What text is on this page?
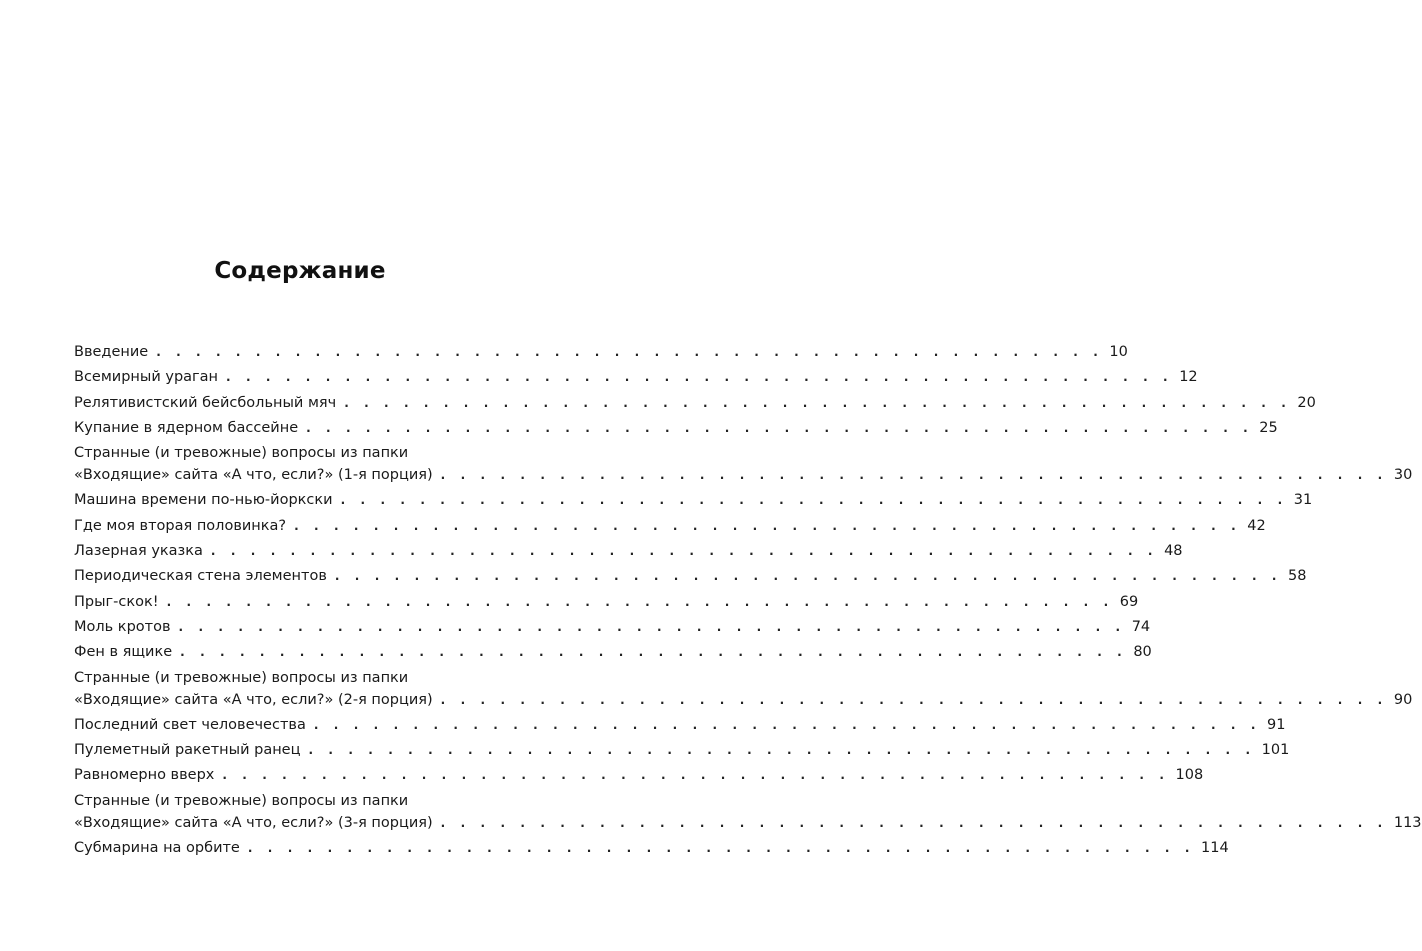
Содержание
Введение . . . . . . . . . . . . . . . . . . . . . . . . . . . . . . . . . . . . . . . . . . . . . . . . 10
Всемирный ураган . . . . . . . . . . . . . . . . . . . . . . . . . . . . . . . . . . . . . . . . . . . . . . . . 12
Релятивистский бейсбольный мяч . . . . . . . . . . . . . . . . . . . . . . . . . . . . . . . . . . . . . . . . . . . . . . . . 20
Купание в ядерном бассейне . . . . . . . . . . . . . . . . . . . . . . . . . . . . . . . . . . . . . . . . . . . . . . . . 25
Странные (и тревожные) вопросы из папки
«Входящие» сайта «А что, если?» (1-я порция) . . . . . . . . . . . . . . . . . . . . . . . . . . . . . . . . . . . . . . . . . . . . . . . . 30
Машина времени по-нью-йоркски . . . . . . . . . . . . . . . . . . . . . . . . . . . . . . . . . . . . . . . . . . . . . . . . 31
Где моя вторая половинка? . . . . . . . . . . . . . . . . . . . . . . . . . . . . . . . . . . . . . . . . . . . . . . . . 42
Лазерная указка . . . . . . . . . . . . . . . . . . . . . . . . . . . . . . . . . . . . . . . . . . . . . . . . 48
Периодическая стена элементов . . . . . . . . . . . . . . . . . . . . . . . . . . . . . . . . . . . . . . . . . . . . . . . . 58
Прыг-скок! . . . . . . . . . . . . . . . . . . . . . . . . . . . . . . . . . . . . . . . . . . . . . . . . 69
Моль кротов . . . . . . . . . . . . . . . . . . . . . . . . . . . . . . . . . . . . . . . . . . . . . . . . 74
Фен в ящике . . . . . . . . . . . . . . . . . . . . . . . . . . . . . . . . . . . . . . . . . . . . . . . . 80
Странные (и тревожные) вопросы из папки
«Входящие» сайта «А что, если?» (2-я порция) . . . . . . . . . . . . . . . . . . . . . . . . . . . . . . . . . . . . . . . . . . . . . . . . 90
Последний свет человечества . . . . . . . . . . . . . . . . . . . . . . . . . . . . . . . . . . . . . . . . . . . . . . . . 91
Пулеметный ракетный ранец . . . . . . . . . . . . . . . . . . . . . . . . . . . . . . . . . . . . . . . . . . . . . . . . 101
Равномерно вверх . . . . . . . . . . . . . . . . . . . . . . . . . . . . . . . . . . . . . . . . . . . . . . . . 108
Странные (и тревожные) вопросы из папки
«Входящие» сайта «А что, если?» (3-я порция) . . . . . . . . . . . . . . . . . . . . . . . . . . . . . . . . . . . . . . . . . . . . . . . . 113
Субмарина на орбите . . . . . . . . . . . . . . . . . . . . . . . . . . . . . . . . . . . . . . . . . . . . . . . . 114
